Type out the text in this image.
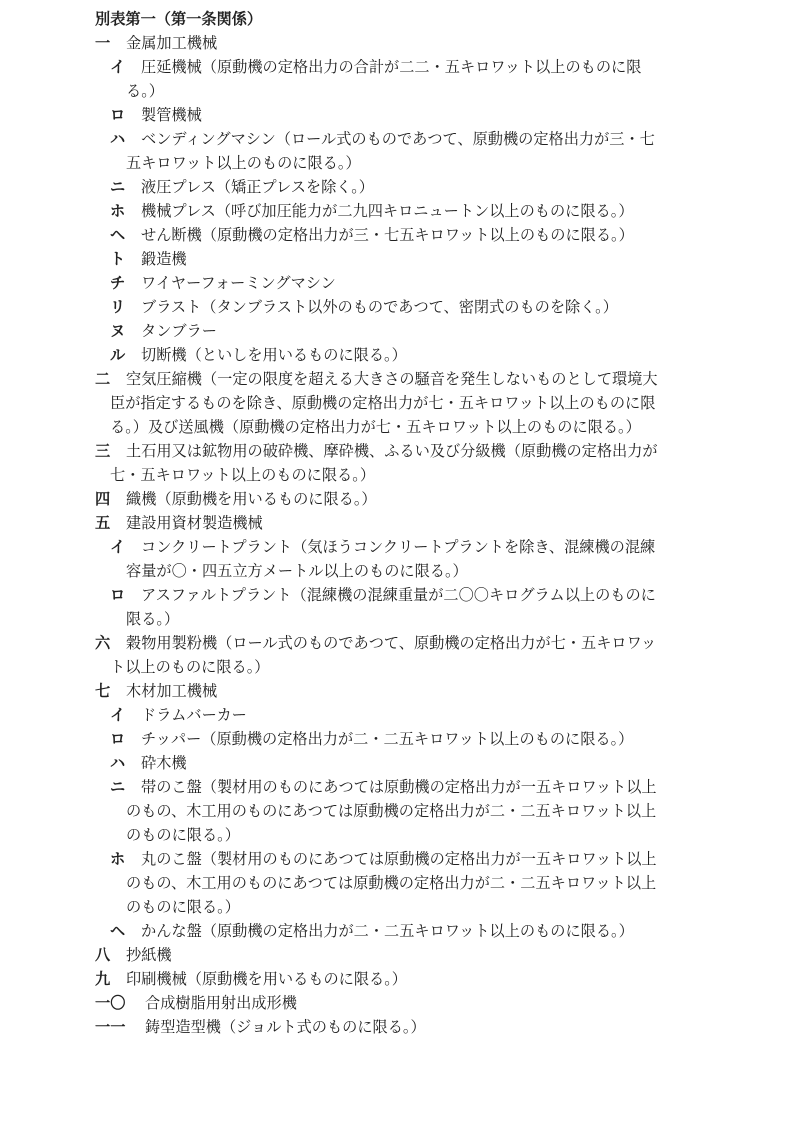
別表第一（第一条関係）
一	金属加工機械
イ	圧延機械（原動機の定格出力の合計が二二・五キロワット以上のものに限
る。）
ロ	製管機械
ハ	ベンディングマシン（ロール式のものであつて、原動機の定格出力が三・七
五キロワット以上のものに限る。）
ニ	液圧プレス（矯正プレスを除く。）
ホ	機械プレス（呼び加圧能力が二九四キロニュートン以上のものに限る。）
ヘ	せん断機（原動機の定格出力が三・七五キロワット以上のものに限る。）
ト	鍛造機
チ	ワイヤーフォーミングマシン
リ	ブラスト（タンブラスト以外のものであつて、密閉式のものを除く。）
ヌ	タンブラー
ル	切断機（といしを用いるものに限る。）
二	空気圧縮機（一定の限度を超える大きさの騒音を発生しないものとして環境大
臣が指定するものを除き、原動機の定格出力が七・五キロワット以上のものに限
る。）及び送風機（原動機の定格出力が七・五キロワット以上のものに限る。）
三	土石用又は鉱物用の破砕機、摩砕機、ふるい及び分級機（原動機の定格出力が
七・五キロワット以上のものに限る。）
四	織機（原動機を用いるものに限る。）
五	建設用資材製造機械
イ	コンクリートプラント（気ほうコンクリートプラントを除き、混練機の混練
容量が〇・四五立方メートル以上のものに限る。）
ロ	アスファルトプラント（混練機の混練重量が二〇〇キログラム以上のものに
限る。）
六	穀物用製粉機（ロール式のものであつて、原動機の定格出力が七・五キロワッ
ト以上のものに限る。）
七	木材加工機械
イ	ドラムバーカー
ロ	チッパー（原動機の定格出力が二・二五キロワット以上のものに限る。）
ハ	砕木機
ニ	帯のこ盤（製材用のものにあつては原動機の定格出力が一五キロワット以上
のもの、木工用のものにあつては原動機の定格出力が二・二五キロワット以上
のものに限る。）
ホ	丸のこ盤（製材用のものにあつては原動機の定格出力が一五キロワット以上
のもの、木工用のものにあつては原動機の定格出力が二・二五キロワット以上
のものに限る。）
ヘ	かんな盤（原動機の定格出力が二・二五キロワット以上のものに限る。）
八	抄紙機
九	印刷機械（原動機を用いるものに限る。）
一〇	合成樹脂用射出成形機
一一	鋳型造型機（ジョルト式のものに限る。）
